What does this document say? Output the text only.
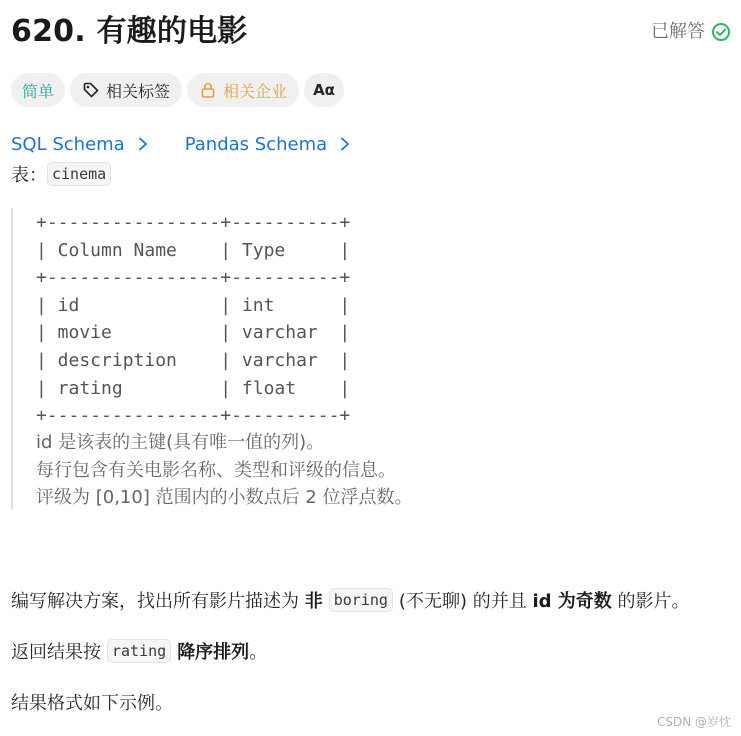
620. 有趣的电影	已解答
简单	相关标签	相关企业 Aα
SQL Schema	Pandas Schema
表： cinema
+----------------+----------+
| Column Name    | Type     |
+----------------+----------+
| id             | int      |
| movie          | varchar  |
| description    | varchar  |
| rating         | float    |
+----------------+----------+
id 是该表的主键(具有唯一值的列)。
每行包含有关电影名称、类型和评级的信息。
评级为 [0,10] 范围内的小数点后 2 位浮点数。
编写解决方案，找出所有影片描述为
非 boring (不无聊) 的并且
id 为奇数
的影片。
返回结果按 rating 降序排列 。
结果格式如下示例。
CSDN @岁忱
